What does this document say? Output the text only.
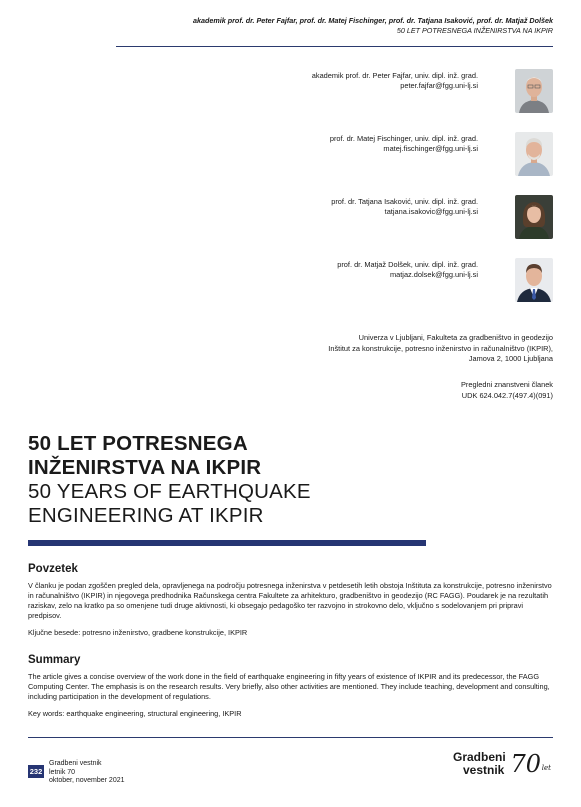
akademik prof. dr. Peter Fajfar, prof. dr. Matej Fischinger, prof. dr. Tatjana Isaković, prof. dr. Matjaž Dolšek
50 LET POTRESNEGA INŽENIRSTVA NA IKPIR
akademik prof. dr. Peter Fajfar, univ. dipl. inž. grad.
peter.fajfar@fgg.uni-lj.si
prof. dr. Matej Fischinger, univ. dipl. inž. grad.
matej.fischinger@fgg.uni-lj.si
prof. dr. Tatjana Isaković, univ. dipl. inž. grad.
tatjana.isakovic@fgg.uni-lj.si
prof. dr. Matjaž Dolšek, univ. dipl. inž. grad.
matjaz.dolsek@fgg.uni-lj.si
Univerza v Ljubljani, Fakulteta za gradbeništvo in geodezijo
Inštitut za konstrukcije, potresno inženirstvo in računalništvo (IKPIR),
Jamova 2, 1000 Ljubljana
Pregledni znanstveni članek
UDK 624.042.7(497.4)(091)
50 LET POTRESNEGA
INŽENIRSTVA NA IKPIR
50 YEARS OF EARTHQUAKE
ENGINEERING AT IKPIR
Povzetek

V članku je podan zgoščen pregled dela, opravljenega na področju potresnega inženirstva v petdesetih letih obstoja Inštituta za konstrukcije, potresno inženirstvo in računalništvo (IKPIR) in njegovega predhodnika Računskega centra Fakultete za arhitekturo, gradbeništvo in geodezijo (RC FAGG). Poudarek je na rezultatih raziskav, zelo na kratko pa so omenjene tudi druge aktivnosti, ki obsegajo pedagoško ter razvojno in strokovno delo, vključno s sodelovanjem pri pripravi predpisov.

Ključne besede: potresno inženirstvo, gradbene konstrukcije, IKPIR

Summary

The article gives a concise overview of the work done in the field of earthquake engineering in fifty years of existence of IKPIR and its predecessor, the FAGG Computing Center. The emphasis is on the research results. Very briefly, also other activities are mentioned. They include teaching, development and consulting, including participation in the development of regulations.

Key words: earthquake engineering, structural engineering, IKPIR

232
Gradbeni vestnik
letnik 70
oktober, november 2021
Gradbeni
vestnik 70 let
